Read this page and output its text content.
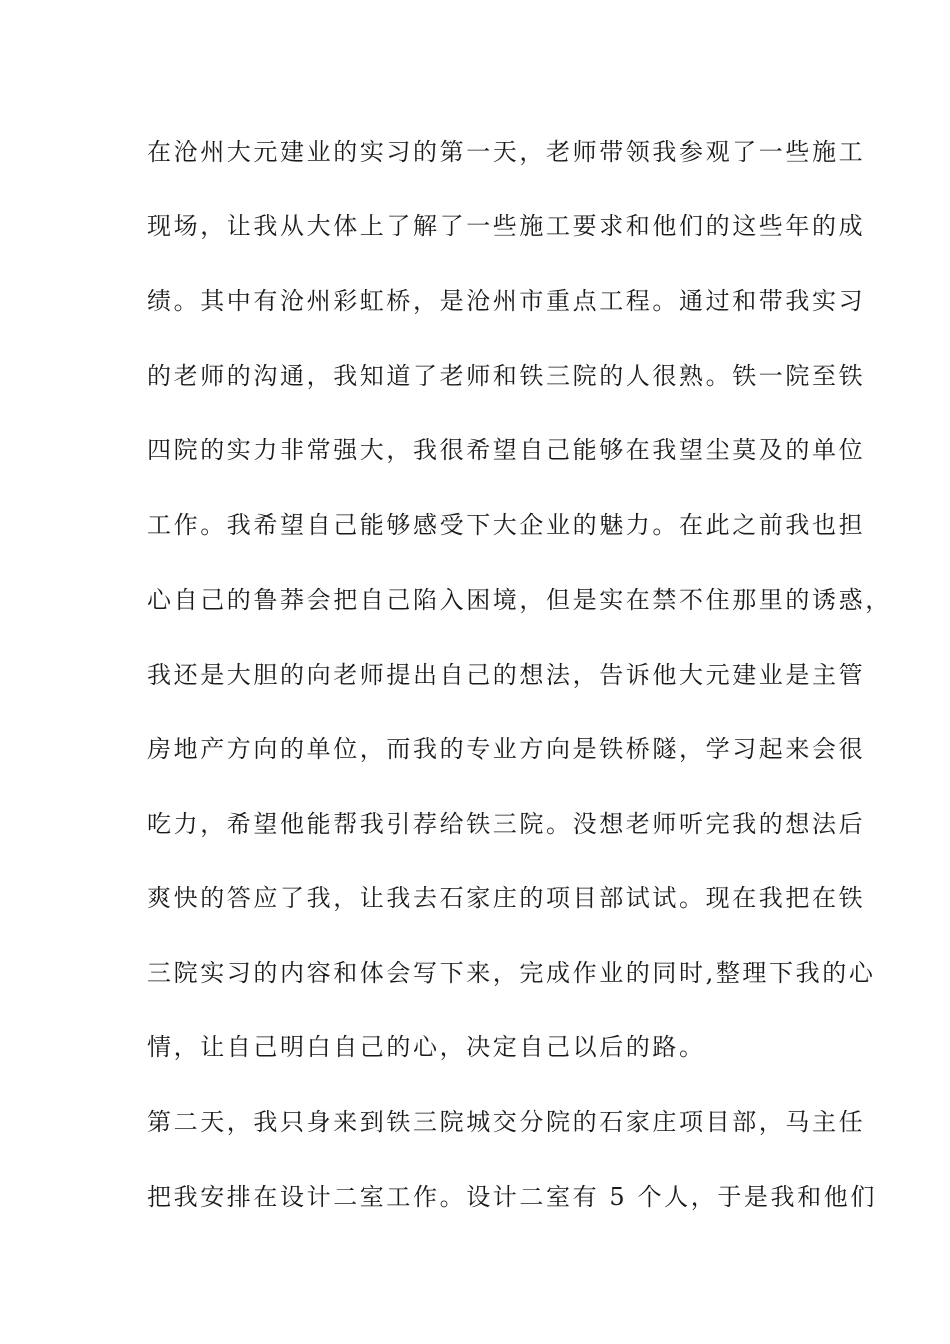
在沧州大元建业的实习的第一天，老师带领我参观了一些施工
现场，让我从大体上了解了一些施工要求和他们的这些年的成
绩。其中有沧州彩虹桥，是沧州市重点工程。通过和带我实习
的老师的沟通，我知道了老师和铁三院的人很熟。铁一院至铁
四院的实力非常强大，我很希望自己能够在我望尘莫及的单位
工作。我希望自己能够感受下大企业的魅力。在此之前我也担
心自己的鲁莽会把自己陷入困境，但是实在禁不住那里的诱惑，
我还是大胆的向老师提出自己的想法，告诉他大元建业是主管
房地产方向的单位，而我的专业方向是铁桥隧，学习起来会很
吃力，希望他能帮我引荐给铁三院。没想老师听完我的想法后
爽快的答应了我，让我去石家庄的项目部试试。现在我把在铁
三院实习的内容和体会写下来，完成作业的同时,整理下我的心
情，让自己明白自己的心，决定自己以后的路。
第二天，我只身来到铁三院城交分院的石家庄项目部，马主任
把我安排在设计二室工作。设计二室有 5 个人，于是我和他们
